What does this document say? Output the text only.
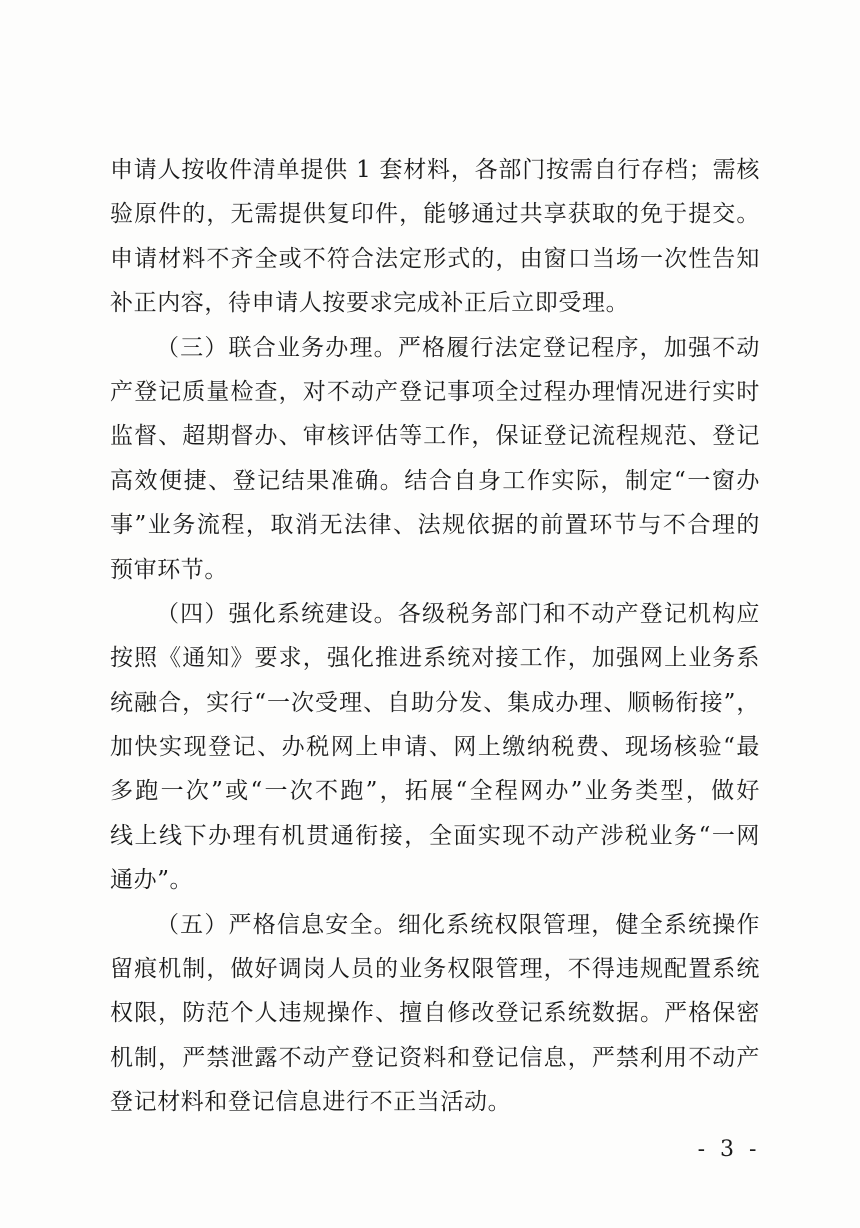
申请人按收件清单提供 1 套材料，各部门按需自行存档；需核
验原件的，无需提供复印件，能够通过共享获取的免于提交。
申请材料不齐全或不符合法定形式的，由窗口当场一次性告知
补正内容，待申请人按要求完成补正后立即受理。
（三）联合业务办理。严格履行法定登记程序，加强不动
产登记质量检查，对不动产登记事项全过程办理情况进行实时
监督、超期督办、审核评估等工作，保证登记流程规范、登记
高效便捷、登记结果准确。结合自身工作实际，制定“一窗办
事”业务流程，取消无法律、法规依据的前置环节与不合理的
预审环节。
（四）强化系统建设。各级税务部门和不动产登记机构应
按照《通知》要求，强化推进系统对接工作，加强网上业务系
统融合，实行“一次受理、自助分发、集成办理、顺畅衔接”，
加快实现登记、办税网上申请、网上缴纳税费、现场核验“最
多跑一次”或“一次不跑”，拓展“全程网办”业务类型，做好
线上线下办理有机贯通衔接，全面实现不动产涉税业务“一网
通办”。
（五）严格信息安全。细化系统权限管理，健全系统操作
留痕机制，做好调岗人员的业务权限管理，不得违规配置系统
权限，防范个人违规操作、擅自修改登记系统数据。严格保密
机制，严禁泄露不动产登记资料和登记信息，严禁利用不动产
登记材料和登记信息进行不正当活动。
- 3 -
